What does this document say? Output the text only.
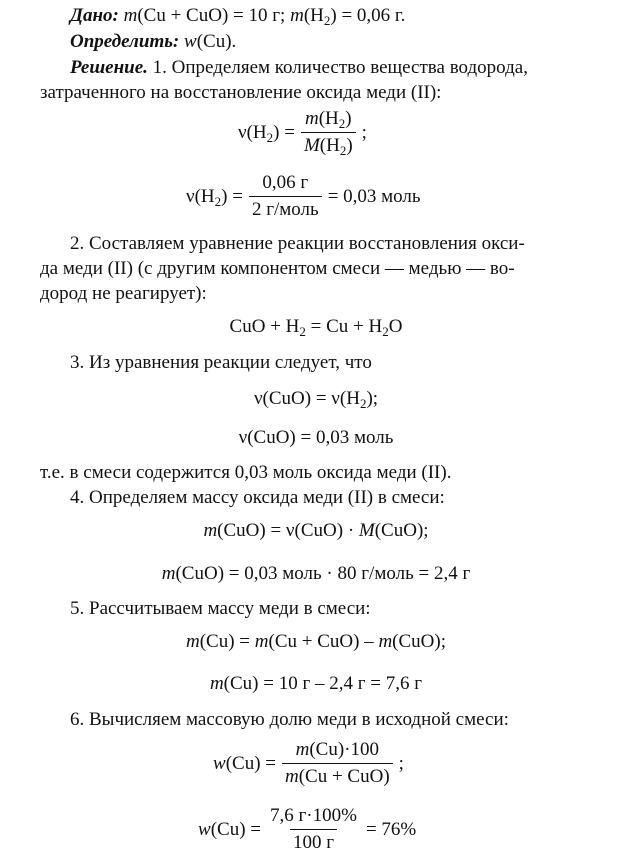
Дано: m(Cu + CuO) = 10 г; $m(H_2) = 0,06$ г.
Определить: w(Cu).
Решение. 1. Определяем количество вещества водорода,
затраченного на восстановление оксида меди (II):
$\nu(H_2) = \frac{m(H_2)}{M(H_2)}$ ;
$\nu(H_2) = \frac{0,06 г}{\text{2 г/моль}} = 0,03$ моль
2. Составляем уравнение реакции восстановления окси-
да меди (II) (с другим компонентом смеси — медью — во-
дород не реагирует):
CuO + $H_2 = Cu + H_2O$
3. Из уравнения реакции следует, что
$\nu(CuO) = \nu(H_2)$;
ν(CuO) = 0,03 моль
т.е. в смеси содержится 0,03 моль оксида меди (II).
4. Определяем массу оксида меди (II) в смеси:
m(CuO) = ν(CuO) · M(CuO);
m(CuO) = 0,03 моль · 80 г/моль = 2,4 г
5. Рассчитываем массу меди в смеси:
m(Cu) = m(Cu + CuO) – m(CuO);
m(Cu) = 10 г – 2,4 г = 7,6 г
6. Вычисляем массовую долю меди в исходной смеси:
$w(Cu) = \frac{m(Cu)\cdot 100}{\text{m(Cu + CuO)}}$ ;
$w(Cu) = \frac{7,6 г\cdot 100\%}{100 г} = 76\%$
